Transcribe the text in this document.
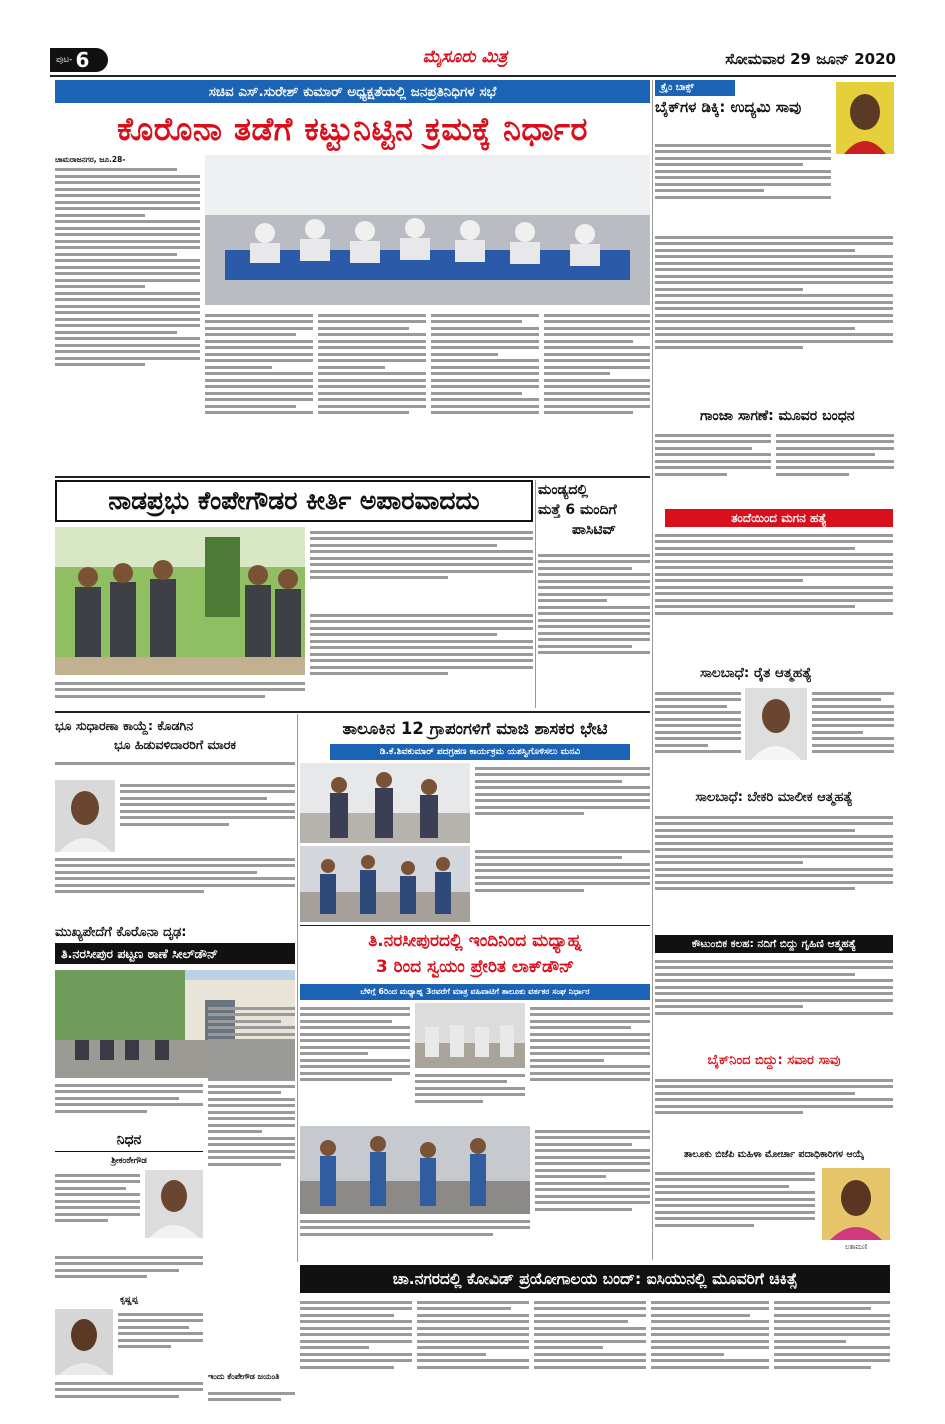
ಪುಟ- 6	ಮೈಸೂರು ಮಿತ್ರ	ಸೋಮವಾರ 29 ಜೂನ್ 2020
ಸಚಿವ ಎಸ್.ಸುರೇಶ್ ಕುಮಾರ್ ಅಧ್ಯಕ್ಷತೆಯಲ್ಲಿ ಜನಪ್ರತಿನಿಧಿಗಳ ಸಭೆ
ಕೊರೊನಾ ತಡೆಗೆ ಕಟ್ಟುನಿಟ್ಟಿನ ಕ್ರಮಕ್ಕೆ ನಿರ್ಧಾರ
ಚಾಮರಾಜನಗರ, ಜೂ.28-
ಕ್ರೈಂ ಬಾಕ್ಸ್
ಬೈಕ್‌ಗಳ ಡಿಕ್ಕಿ: ಉದ್ಯಮಿ ಸಾವು
ಗಾಂಜಾ ಸಾಗಣೆ: ಮೂವರ ಬಂಧನ
ತಂದೆಯಿಂದ ಮಗನ ಹತ್ಯೆ
ಸಾಲಬಾಧೆ: ರೈತ ಆತ್ಮಹತ್ಯೆ
ಸಾಲಬಾಧೆ: ಬೇಕರಿ ಮಾಲೀಕ ಆತ್ಮಹತ್ಯೆ
ಕೌಟುಂಬಿಕ ಕಲಹ: ನದಿಗೆ ಬಿದ್ದು ಗೃಹಿಣಿ ಆತ್ಮಹತ್ಯೆ
ಬೈಕ್‌ನಿಂದ ಬಿದ್ದು: ಸವಾರ ಸಾವು
ತಾಲೂಕು ಬಿಜೆಪಿ ಮಹಿಳಾ ಮೋರ್ಚಾ ಪದಾಧಿಕಾರಿಗಳ ಆಯ್ಕೆ
ಲತಾಮಣಿ
ನಾಡಪ್ರಭು ಕೆಂಪೇಗೌಡರ ಕೀರ್ತಿ ಅಪಾರವಾದದು	ಮಂಡ್ಯದಲ್ಲಿ
ಮತ್ತೆ 6 ಮಂದಿಗೆ
ಪಾಸಿಟಿವ್
ಭೂ ಸುಧಾರಣಾ ಕಾಯ್ದೆ: ಕೊಡಗಿನ
ಭೂ ಹಿಡುವಳಿದಾರರಿಗೆ ಮಾರಕ
ಮುಖ್ಯಪೇದೆಗೆ ಕೊರೊನಾ ದೃಢ:
ತಿ.ನರಸೀಪುರ ಪಟ್ಟಣ ಠಾಣೆ ಸೀಲ್‌ಡೌನ್
ತಾಲೂಕಿನ 12 ಗ್ರಾಪಂಗಳಿಗೆ ಮಾಜಿ ಶಾಸಕರ ಭೇಟಿ
ಡಿ.ಕೆ.ಶಿವಕುಮಾರ್ ಪದಗ್ರಹಣ ಕಾರ್ಯಕ್ರಮ ಯಶಸ್ವಿಗೊಳಿಸಲು ಮನವಿ
ತಿ.ನರಸೀಪುರದಲ್ಲಿ ಇಂದಿನಿಂದ ಮಧ್ಯಾಹ್ನ
3 ರಿಂದ ಸ್ವಯಂ ಪ್ರೇರಿತ ಲಾಕ್‌ಡೌನ್
ಬೆಳಿಗ್ಗೆ 6ರಿಂದ ಮಧ್ಯಾಹ್ನ 3ರವರೆಗೆ ಮಾತ್ರ ವಹಿವಾಟಿಗೆ ತಾಲೂಕು ವರ್ತಕರ ಸಂಘ ನಿರ್ಧಾರ
ನಿಧನ
ಶ್ರೀಕಂಠೇಗೌಡ
ಕೃಷ್ಣಪ್ಪ
ಇಂದು ಕೆಂಪೇಗೌಡ ಜಯಂತಿ
ಚಾ.ನಗರದಲ್ಲಿ ಕೋವಿಡ್ ಪ್ರಯೋಗಾಲಯ ಬಂದ್: ಐಸಿಯುನಲ್ಲಿ ಮೂವರಿಗೆ ಚಿಕಿತ್ಸೆ
